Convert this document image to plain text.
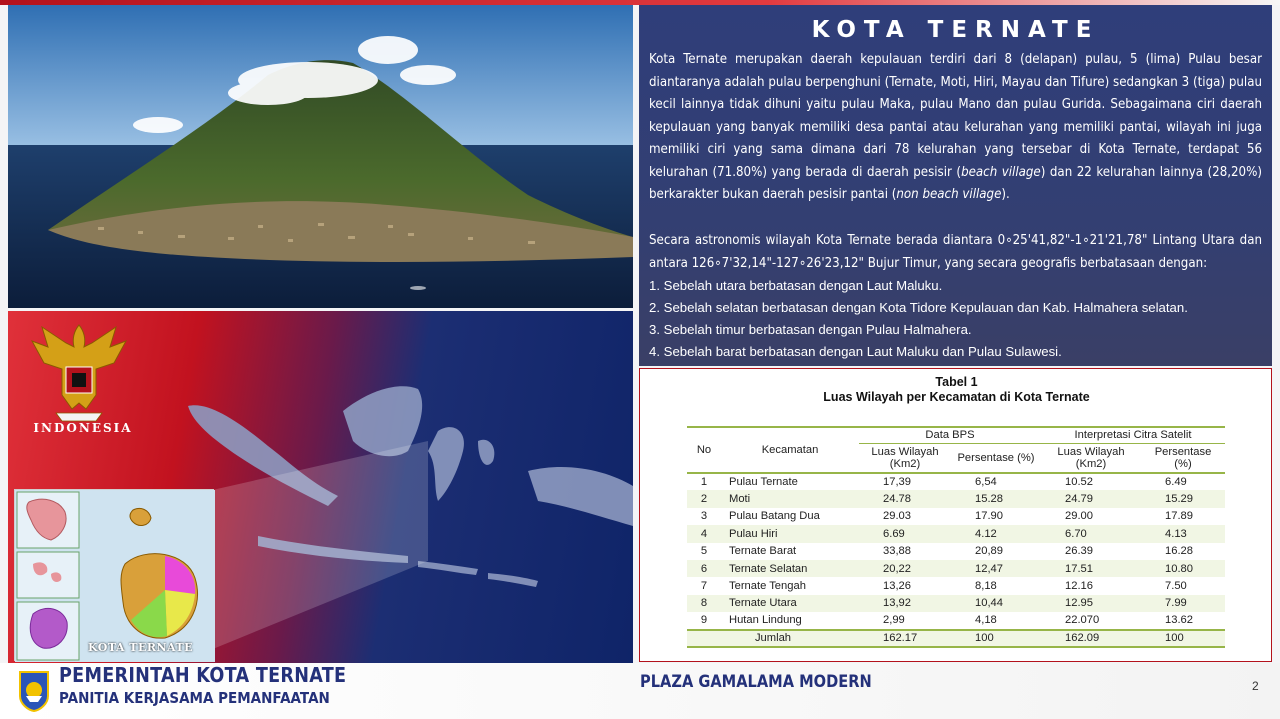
INDONESIA
KOTA TERNATE
KOTA TERNATE
Kota Ternate merupakan daerah kepulauan terdiri dari 8 (delapan) pulau, 5 (lima) Pulau besar diantaranya adalah pulau berpenghuni (Ternate, Moti, Hiri, Mayau dan Tifure) sedangkan 3 (tiga) pulau kecil lainnya tidak dihuni yaitu pulau Maka, pulau Mano dan pulau Gurida. Sebagaimana ciri daerah kepulauan yang banyak memiliki desa pantai atau kelurahan yang memiliki pantai, wilayah ini juga memiliki ciri yang sama dimana dari 78 kelurahan yang tersebar di Kota Ternate, terdapat 56 kelurahan (71.80%) yang berada di daerah pesisir (beach village) dan 22 kelurahan lainnya (28,20%) berkarakter bukan daerah pesisir pantai (non beach village).
Secara astronomis wilayah Kota Ternate berada diantara 0∘25'41,82"-1∘21'21,78" Lintang Utara dan antara 126∘7'32,14"-127∘26'23,12" Bujur Timur, yang secara geografis berbatasaan dengan:
1. Sebelah utara berbatasan dengan Laut Maluku.
2. Sebelah selatan berbatasan dengan Kota Tidore Kepulauan dan Kab. Halmahera selatan.
3. Sebelah timur berbatasan dengan Pulau Halmahera.
4. Sebelah barat berbatasan dengan Laut Maluku dan Pulau Sulawesi.
Tabel 1
Luas Wilayah per Kecamatan di Kota Ternate
No	Kecamatan	Data BPS		Interpretasi Citra Satelit	
		Luas Wilayah (Km2)	Persentase (%)	Luas Wilayah (Km2)	Persentase (%)
1	Pulau Ternate	17,39	6,54	10.52	6.49
2	Moti	24.78	15.28	24.79	15.29
3	Pulau Batang Dua	29.03	17.90	29.00	17.89
4	Pulau Hiri	6.69	4.12	6.70	4.13
5	Ternate Barat	33,88	20,89	26.39	16.28
6	Ternate Selatan	20,22	12,47	17.51	10.80
7	Ternate Tengah	13,26	8,18	12.16	7.50
8	Ternate Utara	13,92	10,44	12.95	7.99
9	Hutan Lindung	2,99	4,18	22.070	13.62
Jumlah		162.17	100	162.09	100
PEMERINTAH KOTA TERNATE
PANITIA KERJASAMA PEMANFAATAN
PLAZA GAMALAMA MODERN	2
